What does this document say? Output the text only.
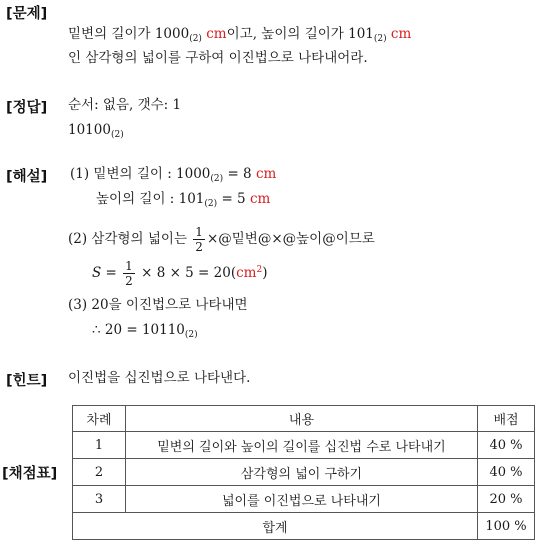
[문제]
밑변의 길이가 $1000_{(2)}$ cm이고, 높이의 길이가 $101_{(2)}$ cm
인 삼각형의 넓이를 구하여 이진법으로 나타내어라.
[정답] 순서: 없음, 갯수: 1
$10100_{(2)}$
[해설] (1) 밑변의 길이 : $1000_{(2)} = 8$ cm
높이의 길이 : $101_{(2)} = 5$ cm
(2) 삼각형의 넓이는 $\frac{1}{2}$ ×@밑변@×@높이@이므로
$S = \frac{1}{2} \times 8 \times 5 = 20(cm^2)$
(3) 20을 이진법으로 나타내면
∴ $20 = 10110_{(2)}$
[힌트] 이진법을 십진법으로 나타낸다.
[채점표]
차례	내용	배점
1	밑변의 길이와 높이의 길이를 십진법 수로 나타내기	40 %
2	삼각형의 넓이 구하기	40 %
3	넓이를 이진법으로 나타내기	20 %
합계		100 %
